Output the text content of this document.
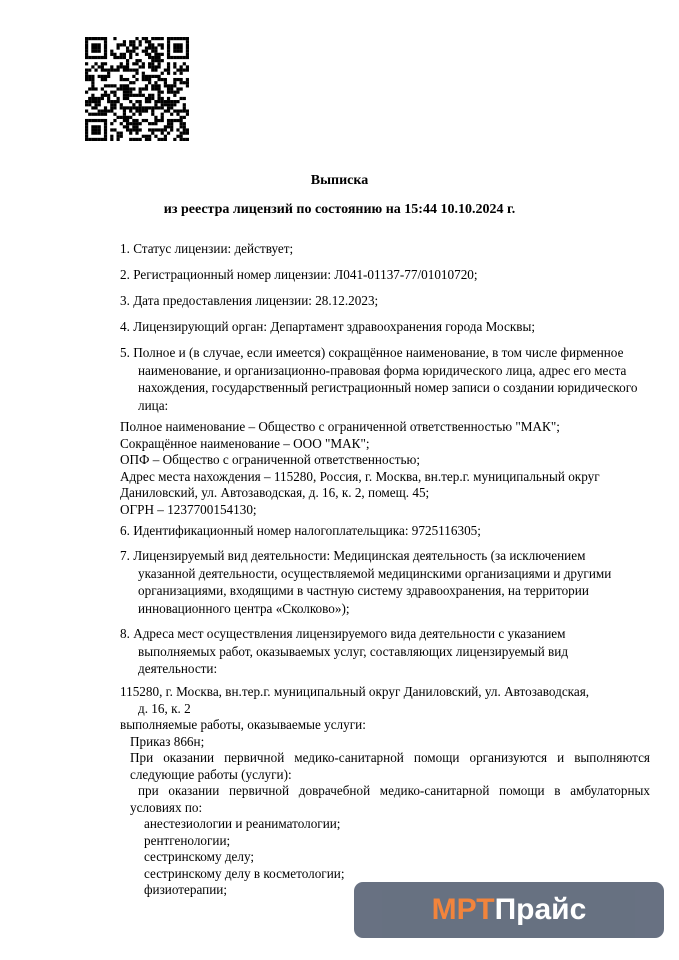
Выписка
из реестра лицензий по состоянию на 15:44 10.10.2024 г.
1. Статус лицензии: действует;
2. Регистрационный номер лицензии: Л041-01137-77/01010720;
3. Дата предоставления лицензии: 28.12.2023;
4. Лицензирующий орган: Департамент здравоохранения города Москвы;
5. Полное и (в случае, если имеется) сокращённое наименование, в том числе фирменное
наименование, и организационно-правовая форма юридического лица, адрес его места нахождения, государственный регистрационный номер записи о создании юридического лица:
Полное наименование – Общество с ограниченной ответственностью "МАК";
Сокращённое наименование – ООО "МАК";
ОПФ – Общество с ограниченной ответственностью;
Адрес места нахождения – 115280, Россия, г. Москва, вн.тер.г. муниципальный округ
Даниловский, ул. Автозаводская, д. 16, к. 2, помещ. 45;
ОГРН – 1237700154130;
6. Идентификационный номер налогоплательщика: 9725116305;
7. Лицензируемый вид деятельности: Медицинская деятельность (за исключением
указанной деятельности, осуществляемой медицинскими организациями и другими организациями, входящими в частную систему здравоохранения, на территории инновационного центра «Сколково»);
8. Адреса мест осуществления лицензируемого вида деятельности с указанием
выполняемых работ, оказываемых услуг, составляющих лицензируемый вид деятельности:
115280, г. Москва, вн.тер.г. муниципальный округ Даниловский, ул. Автозаводская,
д. 16, к. 2
выполняемые работы, оказываемые услуги:
Приказ 866н;
При оказании первичной медико-санитарной помощи организуются и выполняются
следующие работы (услуги):
при оказании первичной доврачебной медико-санитарной помощи в амбулаторных
условиях по:
анестезиологии и реаниматологии;
рентгенологии;
сестринскому делу;
сестринскому делу в косметологии;
физиотерапии;
МРТ Прайс
